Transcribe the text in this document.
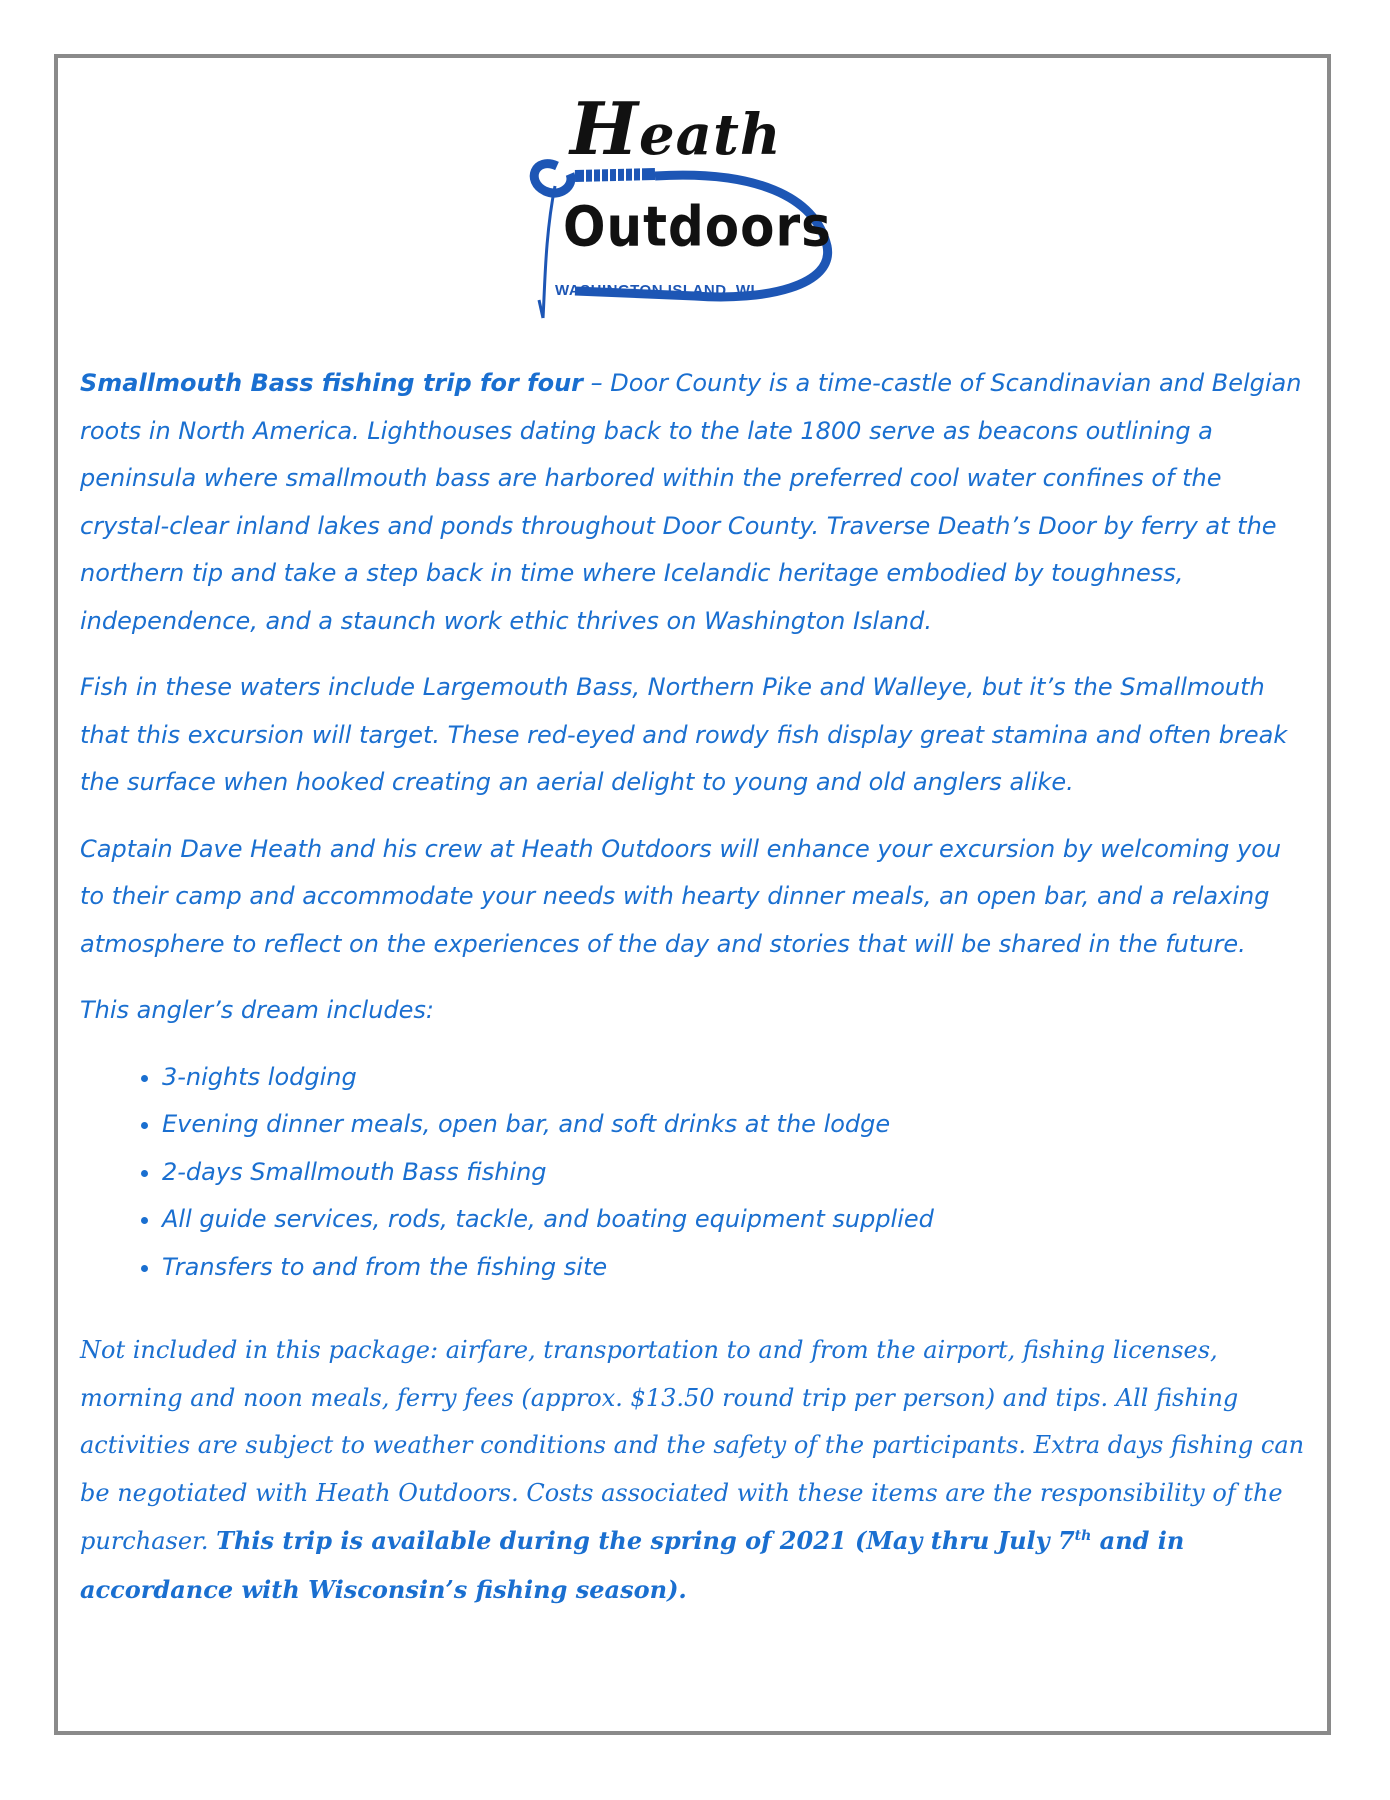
Heath
Outdoors
WASHINGTON ISLAND, WI

Smallmouth Bass fishing trip for four – Door County is a time-castle of Scandinavian and Belgian roots in North America. Lighthouses dating back to the late 1800 serve as beacons outlining a peninsula where smallmouth bass are harbored within the preferred cool water confines of the crystal-clear inland lakes and ponds throughout Door County. Traverse Death’s Door by ferry at the northern tip and take a step back in time where Icelandic heritage embodied by toughness, independence, and a staunch work ethic thrives on Washington Island.

Fish in these waters include Largemouth Bass, Northern Pike and Walleye, but it’s the Smallmouth that this excursion will target. These red-eyed and rowdy fish display great stamina and often break the surface when hooked creating an aerial delight to young and old anglers alike.

Captain Dave Heath and his crew at Heath Outdoors will enhance your excursion by welcoming you to their camp and accommodate your needs with hearty dinner meals, an open bar, and a relaxing atmosphere to reflect on the experiences of the day and stories that will be shared in the future.

This angler’s dream includes:

• 3-nights lodging
• Evening dinner meals, open bar, and soft drinks at the lodge
• 2-days Smallmouth Bass fishing
• All guide services, rods, tackle, and boating equipment supplied
• Transfers to and from the fishing site

Not included in this package: airfare, transportation to and from the airport, fishing licenses, morning and noon meals, ferry fees (approx. $13.50 round trip per person) and tips. All fishing activities are subject to weather conditions and the safety of the participants. Extra days fishing can be negotiated with Heath Outdoors. Costs associated with these items are the responsibility of the purchaser. This trip is available during the spring of 2021 (May thru July 7th and in accordance with Wisconsin’s fishing season).
